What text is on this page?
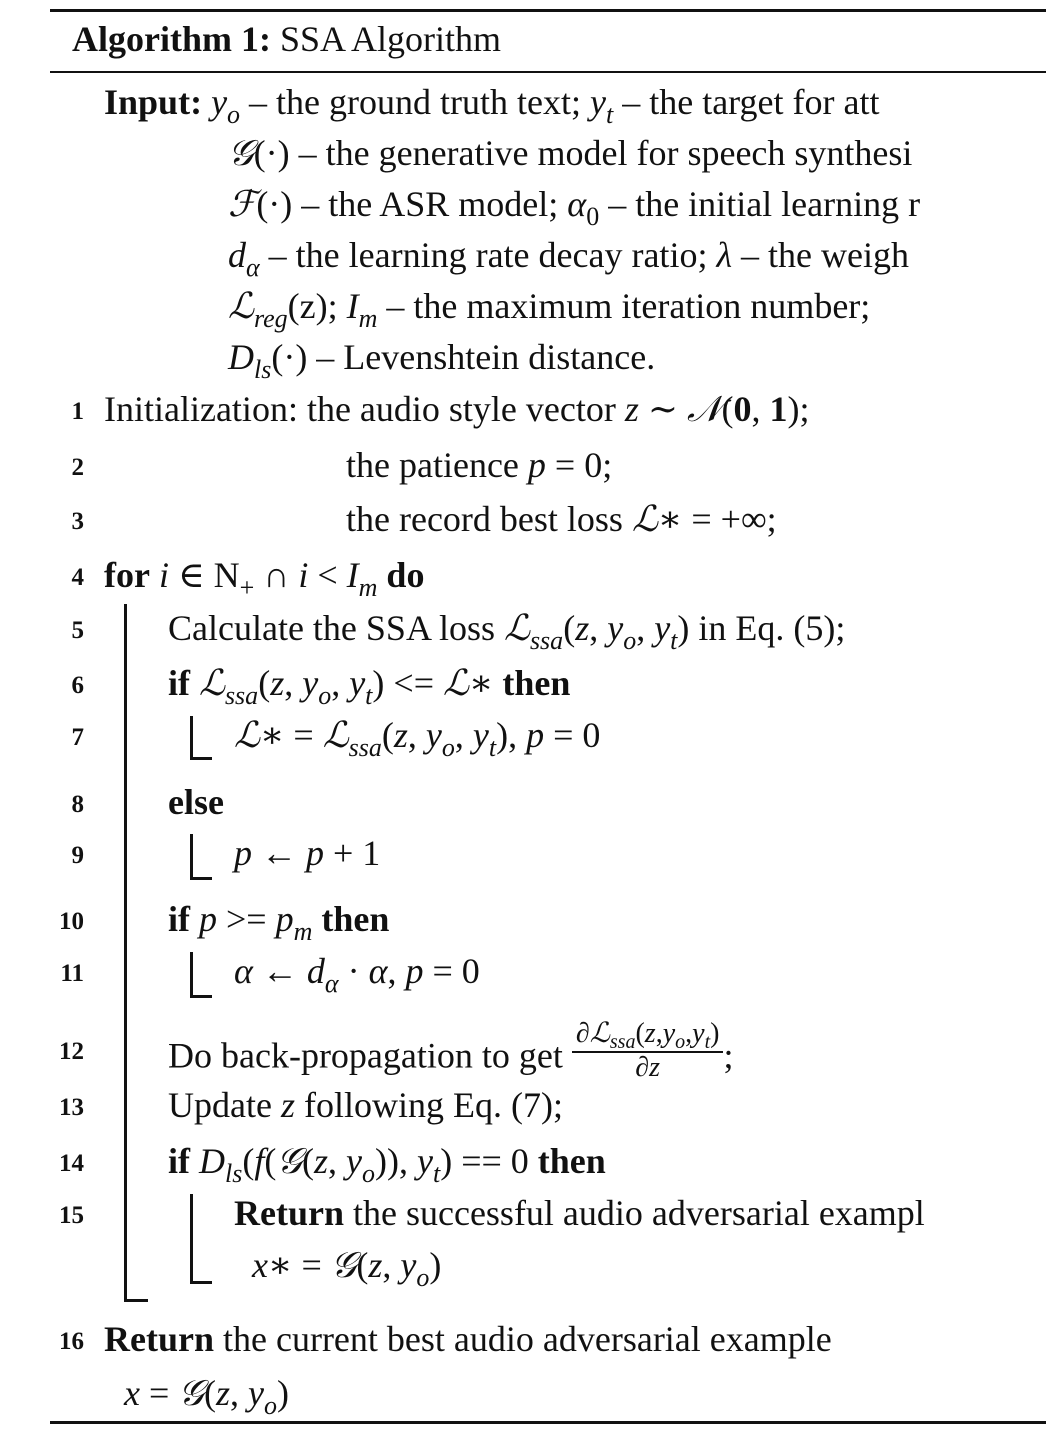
Algorithm 1: SSA Algorithm
Input: $y_o$ – the ground truth text; $y_t$ – the target for att
𝒢(·) – the generative model for speech synthesi
ℱ(·) – the ASR model; $\alpha_0$ – the initial learning r
$d_\alpha$ – the learning rate decay ratio; λ – the weigh
ℒ$_{reg}$(z); $I_m$ – the maximum iteration number;
$D_{ls}(\cdot)$ – Levenshtein distance.
1
2
3
4
5
6
7
8
9
10
11
12
13
14
15
16
Initialization: the audio style vector z ∼ 𝒩(0, 1);
the patience p = 0;
the record best loss ℒ∗ = +∞;
for i ∈ $N_+$ ∩ $i < I_m$ do
Calculate the SSA loss ℒ$_{ssa}$(z, $y_o$, $y_t$) in Eq. (5);
if ℒ$_{ssa}$(z, $y_o$, $y_t$) <= ℒ∗ then
ℒ∗ = ℒ$_{ssa}$(z, $y_o$, $y_t$), p = 0
else
p ← p + 1
if $p >= p_m$ then
α ← $d_\alpha \cdot \alpha$, p = 0
Do back-propagation to get $\frac{\partial ℒ_{ssa}(z,y_o,y_t)}{\partial z}$ ;
Update z following Eq. (7);
if $D_{ls}(f(𝒢(z$, $y_o$)), $y_t) == 0$ then
Return the successful audio adversarial exampl
x∗ = 𝒢(z, $y_o$)
Return the current best audio adversarial example
x = 𝒢(z, $y_o$)
